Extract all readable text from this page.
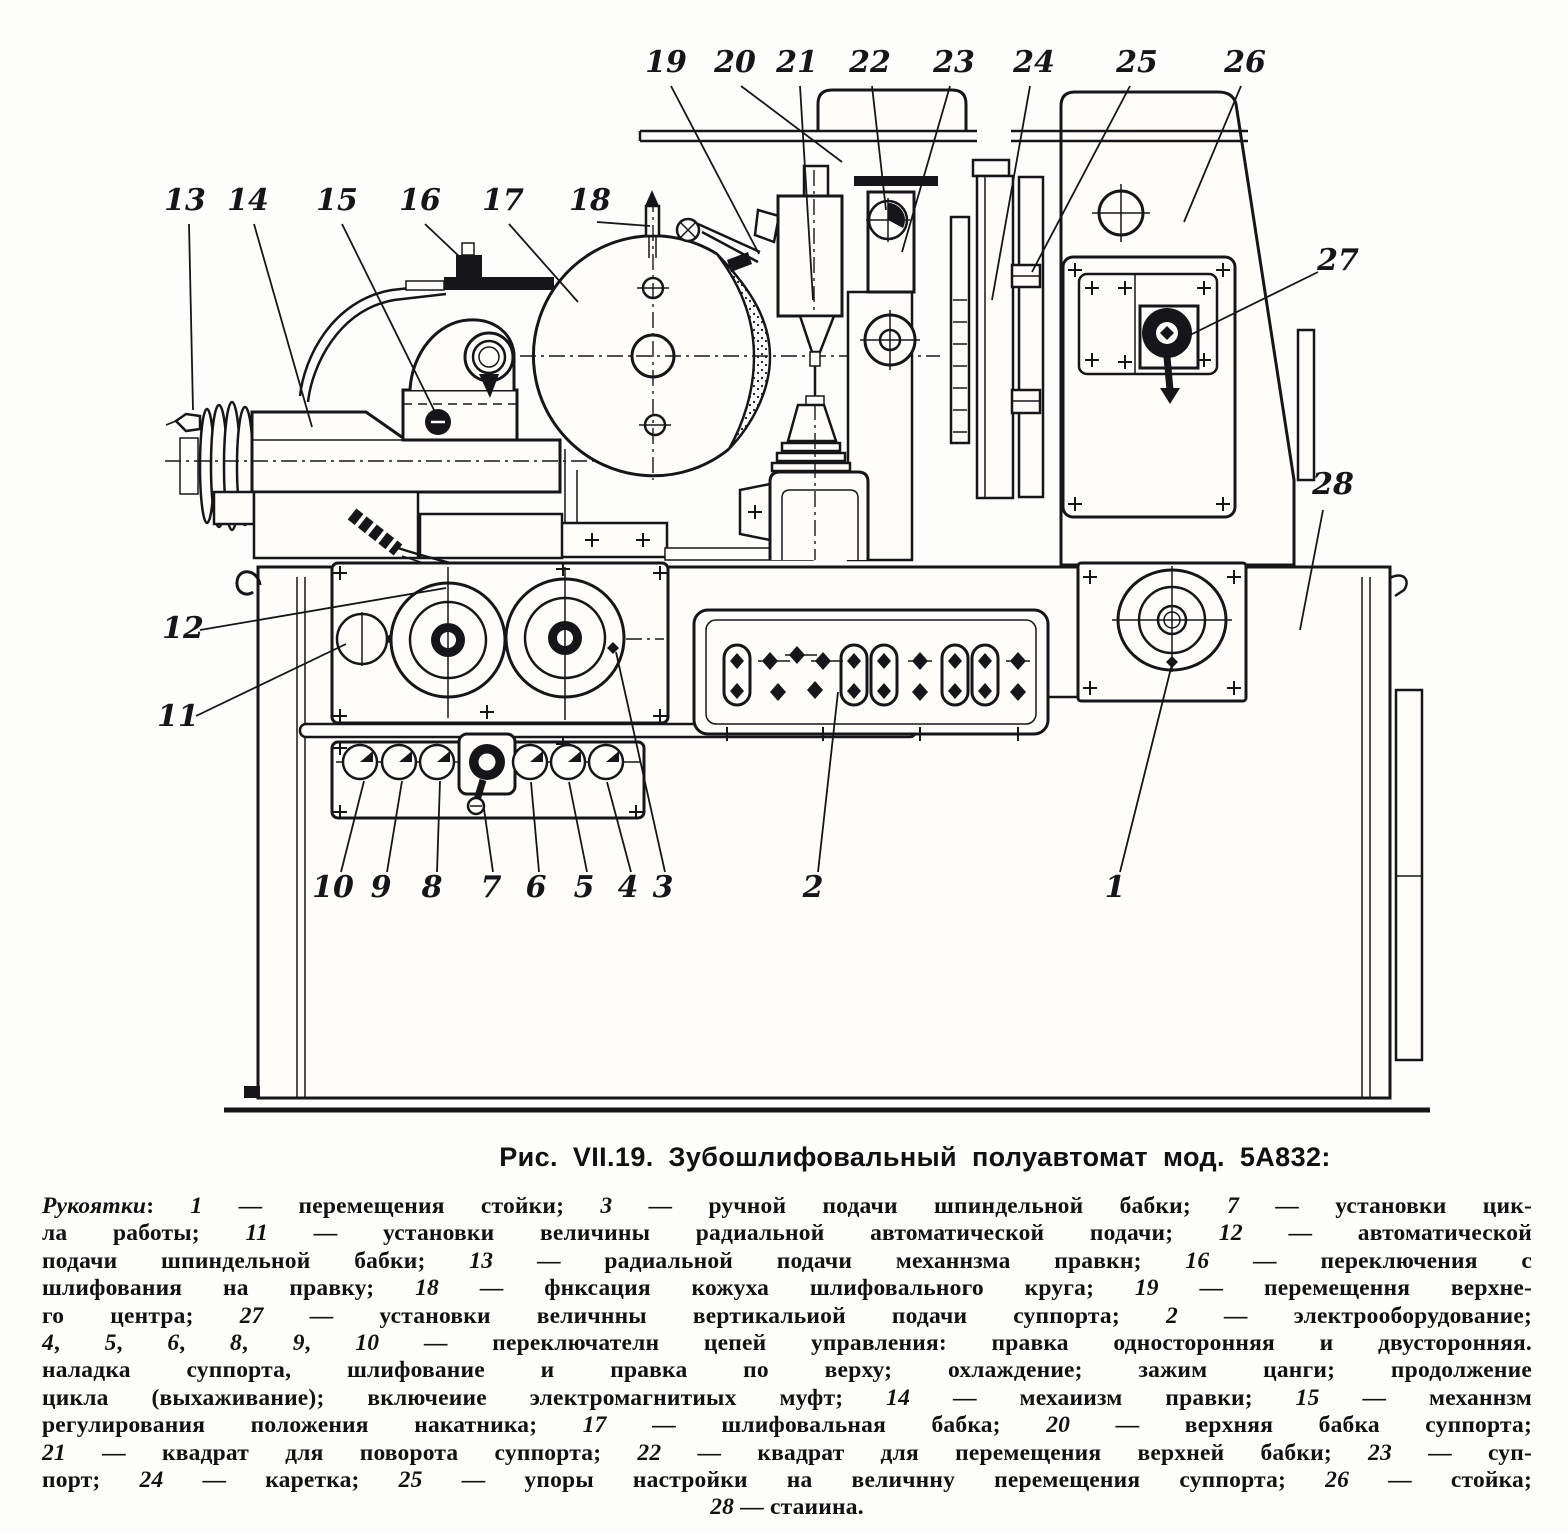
1
2
3
4
5
6
7
8
9
10
11
12
13 14 15 16 17 18
19 20 21 22 23 24 25 26
27
28
Рис. VII.19. Зубошлифовальный полуавтомат мод. 5А832:
Рукоятки: 1 — перемещения стойки; 3 — ручной подачи шпиндельной бабки; 7 — установки цик-
ла работы; 11 — установки величины радиальной автоматической подачи; 12 — автоматической
подачи шпиндельной бабки; 13 — радиальной подачи механнзма правкн; 16 — переключения с
шлифования на правку; 18 — фнксация кожуха шлифовального круга; 19 — перемещення верхне-
го центра; 27 — установки величнны вертикальиой подачи суппорта; 2 — электрооборудование;
4, 5, 6, 8, 9, 10 — переключателн цепей управления: правка односторонняя и двусторонняя.
наладка суппорта, шлифование и правка по верху; охлаждение; зажим цанги; продолжение
цикла (выхаживание); включеиие электромагнитиых муфт; 14 — мехаиизм правки; 15 — механнзм
регулирования положения накатника; 17 — шлифовальная бабка; 20 — верхняя бабка суппорта;
21 — квадрат для поворота суппорта; 22 — квадрат для перемещения верхней бабки; 23 — суп-
порт; 24 — каретка; 25 — упоры настройки на величнну перемещения суппорта; 26 — стойка;
28 — стаиина.
